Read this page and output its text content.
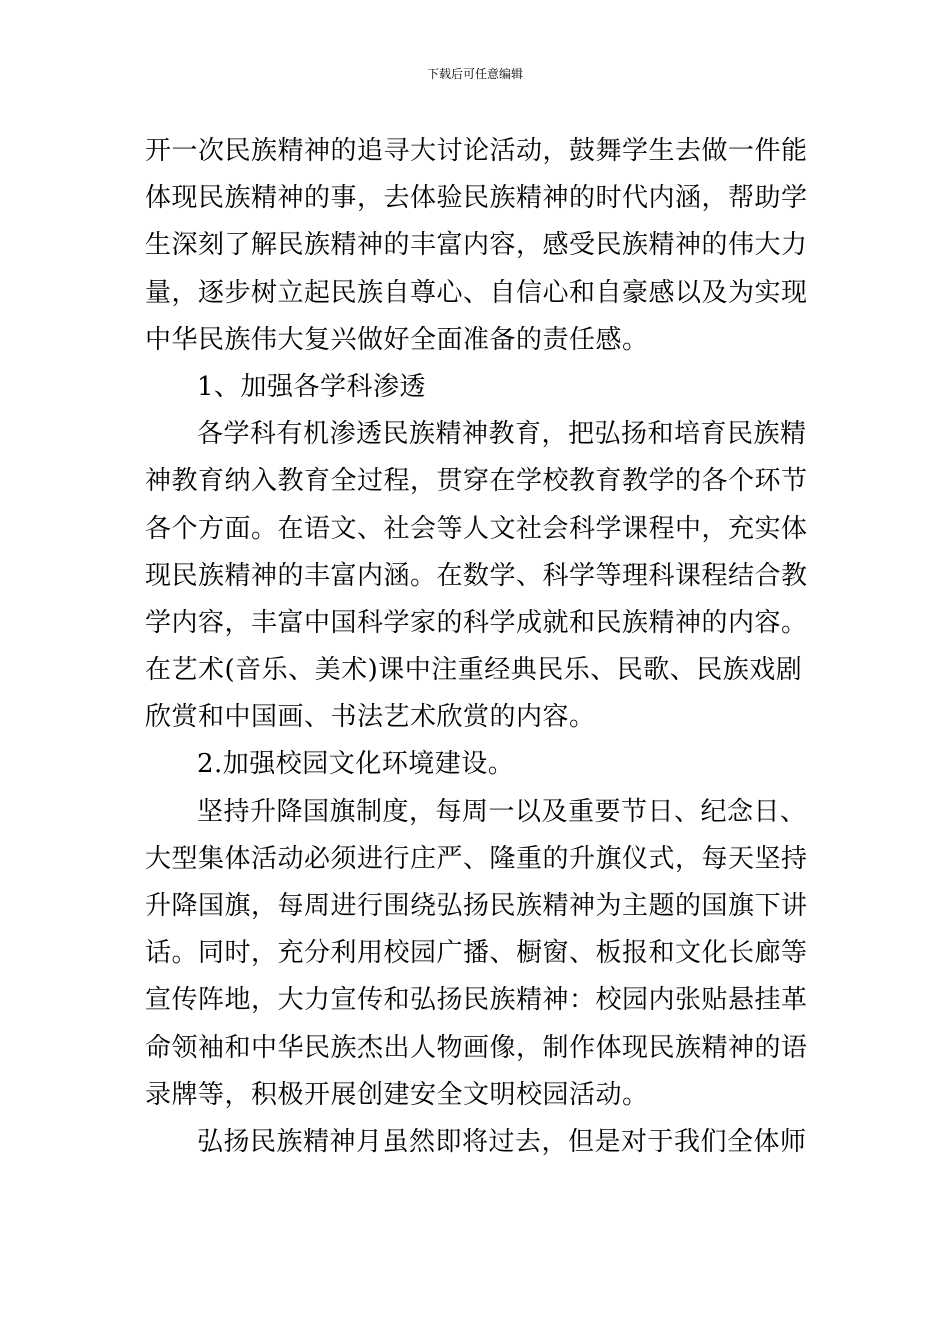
下载后可任意编辑

开一次民族精神的追寻大讨论活动，鼓舞学生去做一件能
体现民族精神的事，去体验民族精神的时代内涵，帮助学
生深刻了解民族精神的丰富内容，感受民族精神的伟大力
量，逐步树立起民族自尊心、自信心和自豪感以及为实现
中华民族伟大复兴做好全面准备的责任感。

1、加强各学科渗透

各学科有机渗透民族精神教育，把弘扬和培育民族精
神教育纳入教育全过程，贯穿在学校教育教学的各个环节
各个方面。在语文、社会等人文社会科学课程中，充实体
现民族精神的丰富内涵。在数学、科学等理科课程结合教
学内容，丰富中国科学家的科学成就和民族精神的内容。
在艺术(音乐、美术)课中注重经典民乐、民歌、民族戏剧
欣赏和中国画、书法艺术欣赏的内容。

2.加强校园文化环境建设。

坚持升降国旗制度，每周一以及重要节日、纪念日、
大型集体活动必须进行庄严、隆重的升旗仪式，每天坚持
升降国旗，每周进行围绕弘扬民族精神为主题的国旗下讲
话。同时，充分利用校园广播、橱窗、板报和文化长廊等
宣传阵地，大力宣传和弘扬民族精神：校园内张贴悬挂革
命领袖和中华民族杰出人物画像，制作体现民族精神的语
录牌等，积极开展创建安全文明校园活动。

弘扬民族精神月虽然即将过去，但是对于我们全体师
